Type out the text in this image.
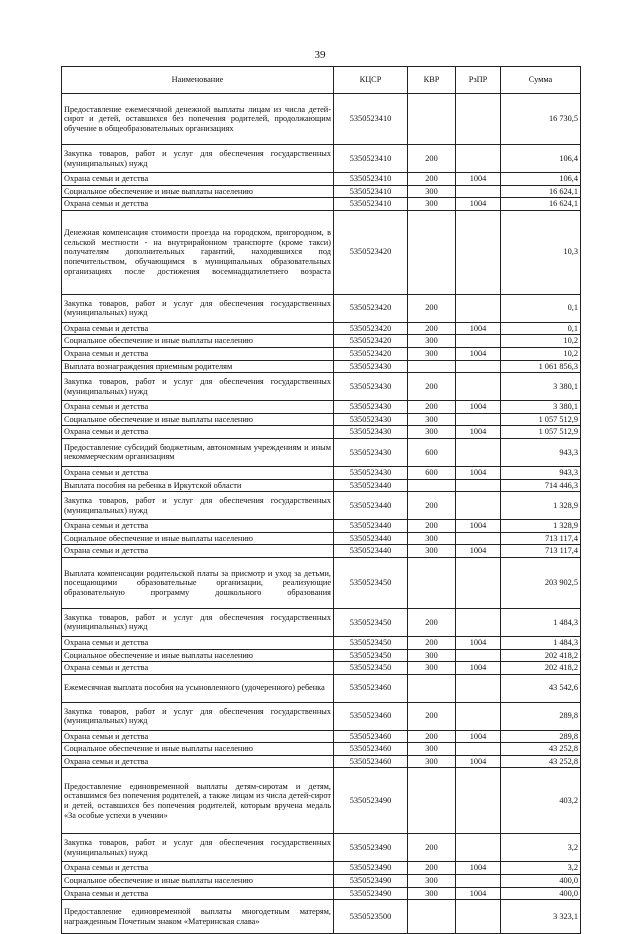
39
Наименование	КЦСР	КВР	РзПР	Сумма
Предоставление ежемесячной денежной выплаты лицам из числа детей-сирот и детей, оставшихся без попечения родителей, продолжающим обучение в общеобразовательных организациях	5350523410			16 730,5
Закупка товаров, работ и услуг для обеспечения государственных (муниципальных) нужд	5350523410	200		106,4
Охрана семьи и детства	5350523410	200	1004	106,4
Социальное обеспечение и иные выплаты населению	5350523410	300		16 624,1
Охрана семьи и детства	5350523410	300	1004	16 624,1
Денежная компенсация стоимости проезда на городском, пригородном, в сельской местности - на внутрирайонном транспорте (кроме такси) получателям дополнительных гарантий, находившихся под попечительством, обучающимся в муниципальных образовательных организациях после достижения восемнадцатилетнего возраста	5350523420			10,3
Закупка товаров, работ и услуг для обеспечения государственных (муниципальных) нужд	5350523420	200		0,1
Охрана семьи и детства	5350523420	200	1004	0,1
Социальное обеспечение и иные выплаты населению	5350523420	300		10,2
Охрана семьи и детства	5350523420	300	1004	10,2
Выплата вознаграждения приемным родителям	5350523430			1 061 856,3
Закупка товаров, работ и услуг для обеспечения государственных (муниципальных) нужд	5350523430	200		3 380,1
Охрана семьи и детства	5350523430	200	1004	3 380,1
Социальное обеспечение и иные выплаты населению	5350523430	300		1 057 512,9
Охрана семьи и детства	5350523430	300	1004	1 057 512,9
Предоставление субсидий бюджетным, автономным учреждениям и иным некоммерческим организациям	5350523430	600		943,3
Охрана семьи и детства	5350523430	600	1004	943,3
Выплата пособия на ребенка в Иркутской области	5350523440			714 446,3
Закупка товаров, работ и услуг для обеспечения государственных (муниципальных) нужд	5350523440	200		1 328,9
Охрана семьи и детства	5350523440	200	1004	1 328,9
Социальное обеспечение и иные выплаты населению	5350523440	300		713 117,4
Охрана семьи и детства	5350523440	300	1004	713 117,4
Выплата компенсации родительской платы за присмотр и уход за детьми, посещающими образовательные организации, реализующие образовательную программу дошкольного образования	5350523450			203 902,5
Закупка товаров, работ и услуг для обеспечения государственных (муниципальных) нужд	5350523450	200		1 484,3
Охрана семьи и детства	5350523450	200	1004	1 484,3
Социальное обеспечение и иные выплаты населению	5350523450	300		202 418,2
Охрана семьи и детства	5350523450	300	1004	202 418,2
Ежемесячная выплата пособия на усыновленного (удочеренного) ребенка	5350523460			43 542,6
Закупка товаров, работ и услуг для обеспечения государственных (муниципальных) нужд	5350523460	200		289,8
Охрана семьи и детства	5350523460	200	1004	289,8
Социальное обеспечение и иные выплаты населению	5350523460	300		43 252,8
Охрана семьи и детства	5350523460	300	1004	43 252,8
Предоставление единовременной выплаты детям-сиротам и детям, оставшимся без попечения родителей, а также лицам из числа детей-сирот и детей, оставшихся без попечения родителей, которым вручена медаль «За особые успехи в учении»	5350523490			403,2
Закупка товаров, работ и услуг для обеспечения государственных (муниципальных) нужд	5350523490	200		3,2
Охрана семьи и детства	5350523490	200	1004	3,2
Социальное обеспечение и иные выплаты населению	5350523490	300		400,0
Охрана семьи и детства	5350523490	300	1004	400,0
Предоставление единовременной выплаты многодетным матерям, награжденным Почетным знаком «Материнская слава»	5350523500			3 323,1
